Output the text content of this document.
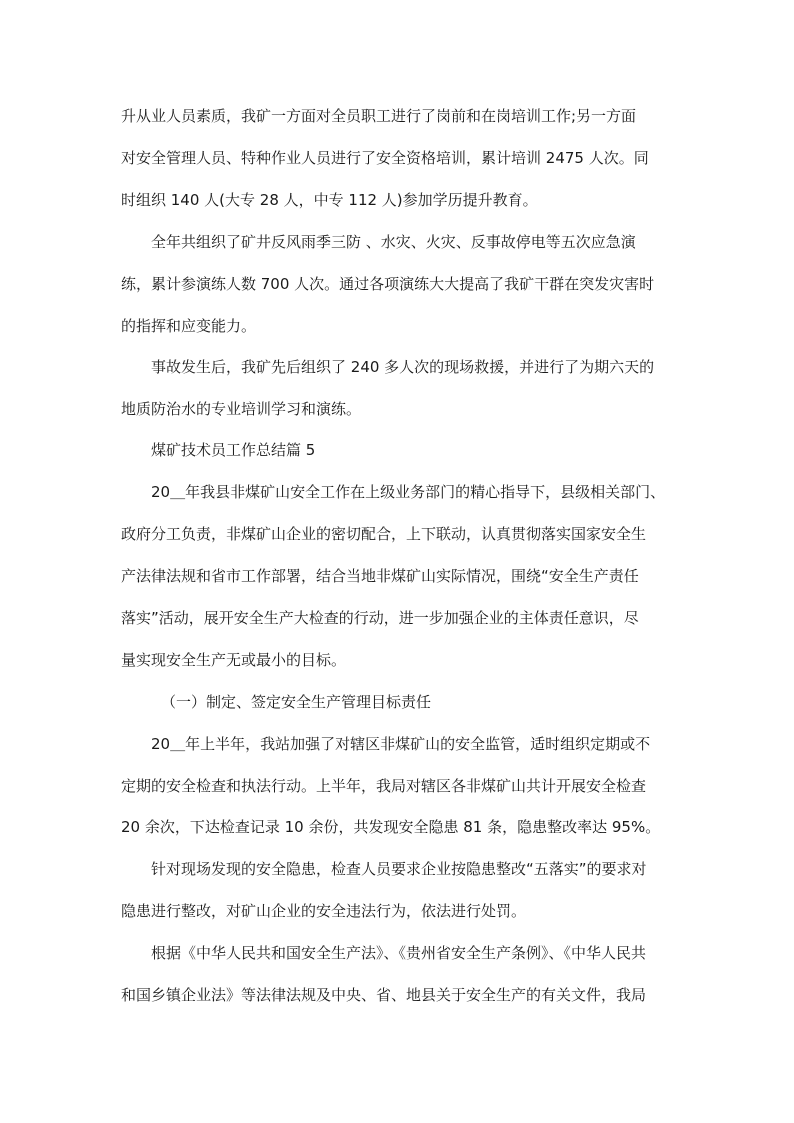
升从业人员素质，我矿一方面对全员职工进行了岗前和在岗培训工作;另一方面
对安全管理人员、特种作业人员进行了安全资格培训，累计培训 2475 人次。同
时组织 140 人(大专 28 人，中专 112 人)参加学历提升教育。
全年共组织了矿井反风雨季三防 、水灾、火灾、反事故停电等五次应急演
练，累计参演练人数 700 人次。通过各项演练大大提高了我矿干群在突发灾害时
的指挥和应变能力。
事故发生后，我矿先后组织了 240 多人次的现场救援，并进行了为期六天的
地质防治水的专业培训学习和演练。
煤矿技术员工作总结篇 5
20＿年我县非煤矿山安全工作在上级业务部门的精心指导下，县级相关部门、
政府分工负责，非煤矿山企业的密切配合，上下联动，认真贯彻落实国家安全生
产法律法规和省市工作部署，结合当地非煤矿山实际情况，围绕“安全生产责任
落实”活动，展开安全生产大检查的行动，进一步加强企业的主体责任意识，尽
量实现安全生产无或最小的目标。
（一）制定、签定安全生产管理目标责任
20＿年上半年，我站加强了对辖区非煤矿山的安全监管，适时组织定期或不
定期的安全检查和执法行动。上半年，我局对辖区各非煤矿山共计开展安全检查
20 余次，下达检查记录 10 余份，共发现安全隐患 81 条，隐患整改率达 95%。
针对现场发现的安全隐患，检查人员要求企业按隐患整改“五落实”的要求对
隐患进行整改，对矿山企业的安全违法行为，依法进行处罚。
根据《中华人民共和国安全生产法》、《贵州省安全生产条例》、《中华人民共
和国乡镇企业法》等法律法规及中央、省、地县关于安全生产的有关文件，我局
